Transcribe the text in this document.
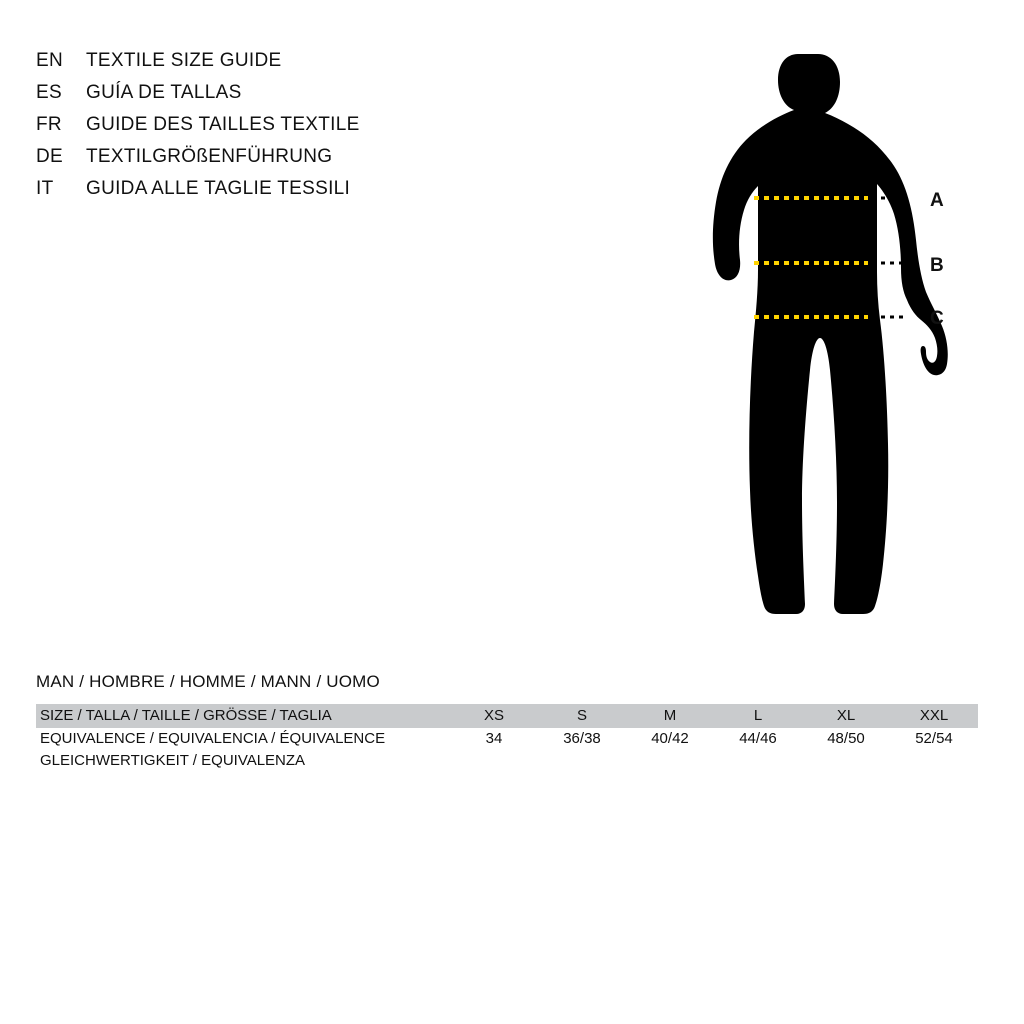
EN	TEXTILE SIZE GUIDE
ES	GUÍA DE TALLAS
FR	GUIDE DES TAILLES TEXTILE
DE	TEXTILGRÖßENFÜHRUNG
IT	GUIDA ALLE TAGLIE TESSILI
A
B
C
MAN / HOMBRE / HOMME / MANN / UOMO
SIZE / TALLA / TAILLE / GRÖSSE / TAGLIA	XS	S	M	L	XL	XXL

EQUIVALENCE / EQUIVALENCIA / ÉQUIVALENCE
GLEICHWERTIGKEIT / EQUIVALENZA	34	36/38	40/42	44/46	48/50	52/54
